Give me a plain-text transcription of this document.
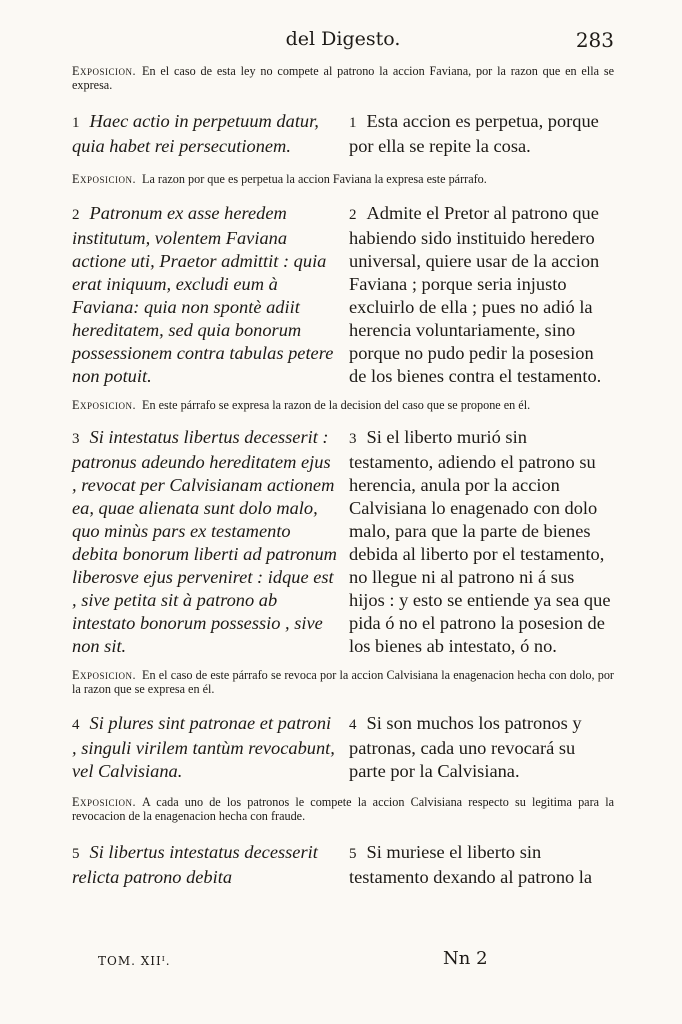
del Digesto.	283

Exposicion. En el caso de esta ley no compete al patrono la accion Faviana, por la razon que en ella se expresa.

1 Haec actio in perpetuum datur, quia habet rei persecutionem.
1 Esta accion es perpetua, porque por ella se repite la cosa.

Exposicion. La razon por que es perpetua la accion Faviana la expresa este párrafo.

2 Patronum ex asse heredem institutum, volentem Faviana actione uti, Praetor admittit : quia erat iniquum, excludi eum à Faviana: quia non spontè adiit hereditatem, sed quia bonorum possessionem contra tabulas petere non potuit.
2 Admite el Pretor al patrono que habiendo sido instituido heredero universal, quiere usar de la accion Faviana ; porque seria injusto excluirlo de ella ; pues no adió la herencia voluntariamente, sino porque no pudo pedir la posesion de los bienes contra el testamento.

Exposicion. En este párrafo se expresa la razon de la decision del caso que se propone en él.

3 Si intestatus libertus decesserit : patronus adeundo hereditatem ejus , revocat per Calvisianam actionem ea, quae alienata sunt dolo malo, quo minùs pars ex testamento debita bonorum liberti ad patronum liberosve ejus perveniret : idque est , sive petita sit à patrono ab intestato bonorum possessio , sive non sit.
3 Si el liberto murió sin testamento, adiendo el patrono su herencia, anula por la accion Calvisiana lo enagenado con dolo malo, para que la parte de bienes debida al liberto por el testamento, no llegue ni al patrono ni á sus hijos : y esto se entiende ya sea que pida ó no el patrono la posesion de los bienes ab intestato, ó no.

Exposicion. En el caso de este párrafo se revoca por la accion Calvisiana la enagenacion hecha con dolo, por la razon que se expresa en él.

4 Si plures sint patronae et patroni , singuli virilem tantùm revocabunt, vel Calvisiana.
4 Si son muchos los patronos y patronas, cada uno revocará su parte por la Calvisiana.

Exposicion. A cada uno de los patronos le compete la accion Calvisiana respecto su legitima para la revocacion de la enagenacion hecha con fraude.

5 Si libertus intestatus decesserit relicta patrono debita
5 Si muriese el liberto sin testamento dexando al patrono la
TOM. XIIᴵ.	Nn 2
